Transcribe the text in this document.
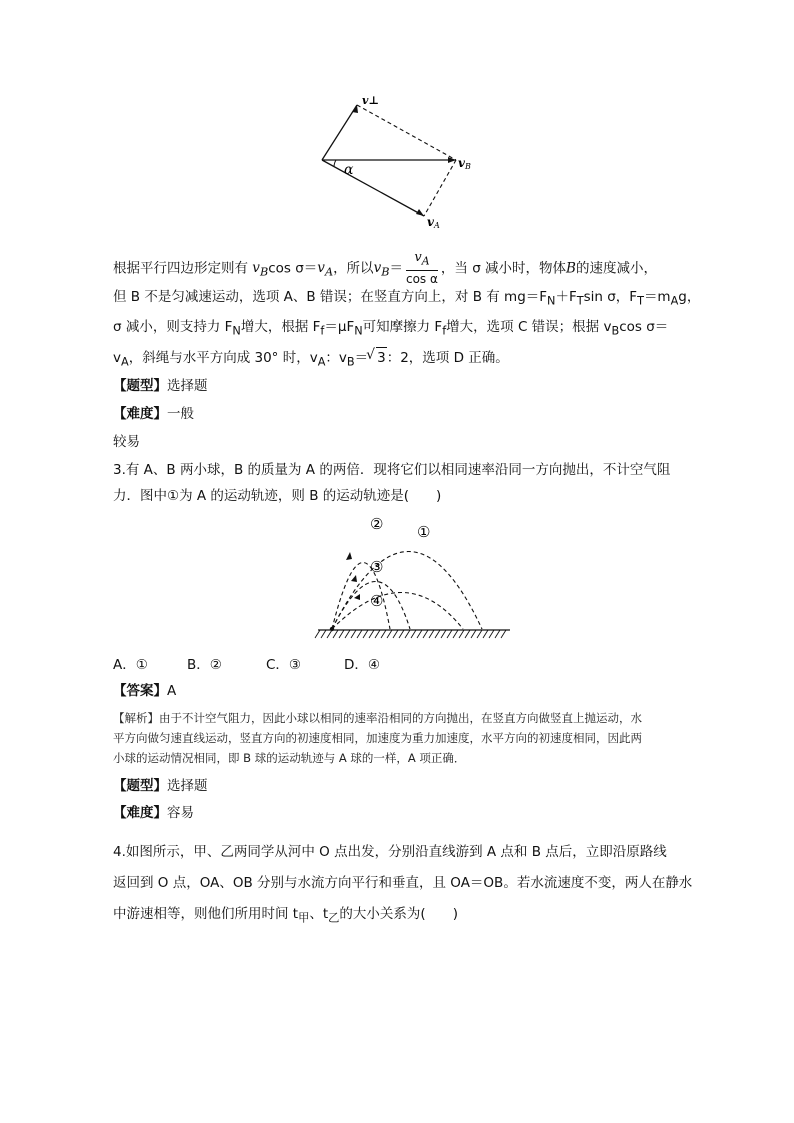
v⊥
vB
vA
α
根据平行四边形定则有 $v_B\cos$ $\sigma=v_A$，所以$v_B= \frac{v_A}{\text{cos α}}$ ，当 σ 减小时，物体B的速度减小，
但 B 不是匀减速运动，选项 A、B 错误；在竖直方向上，对 B 有 $mg=F_N+F_T\sin$ σ，$F_T=m_Ag$，
σ 减小，则支持力 $F_N$增大，根据 $F_f=\mu F_N$可知摩擦力 $F_f$增大，选项 C 错误；根据 $v_B\cos$ σ＝
$v_A$，斜绳与水平方向成 30° 时，$v_A$：$v_B=√$ 3：2，选项 D 正确。
【题型】选择题
【难度】一般
较易
3.有 A、B 两小球，B 的质量为 A 的两倍．现将它们以相同速率沿同一方向抛出，不计空气阻
力．图中①为 A 的运动轨迹，则 B 的运动轨迹是(　　)
①
②
③
④
A．①	B．②	C．③	D．④
【答案】A
【解析】由于不计空气阻力，因此小球以相同的速率沿相同的方向抛出，在竖直方向做竖直上抛运动，水
平方向做匀速直线运动，竖直方向的初速度相同，加速度为重力加速度，水平方向的初速度相同，因此两
小球的运动情况相同，即 B 球的运动轨迹与 A 球的一样，A 项正确．
【题型】选择题
【难度】容易
4.如图所示，甲、乙两同学从河中 O 点出发，分别沿直线游到 A 点和 B 点后，立即沿原路线
返回到 O 点，OA、OB 分别与水流方向平行和垂直，且 OA＝OB。若水流速度不变，两人在静水
中游速相等，则他们所用时间 $t_甲$、$t_乙$的大小关系为(　　)
